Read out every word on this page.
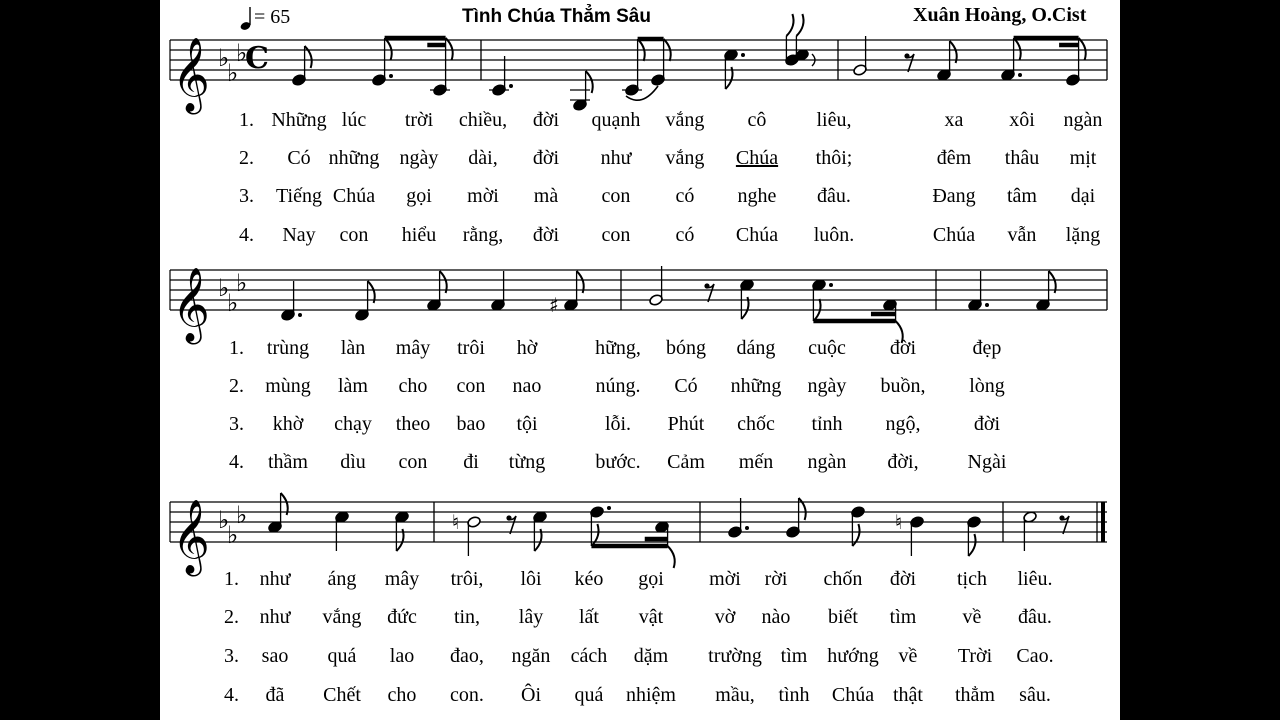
= 65	Tình Chúa Thẳm Sâu	Xuân Hoàng, O.Cist
𝄞 ♭
♭
♭
C
𝄞 ♭
♭
♭
♯
𝄞 ♭
♭
♭	♮	♮
1. Những lúc trời chiều, đời quạnh vắng cô	liêu,	xa xôi ngàn
2. Có những ngày dài, đời như vắng Chúa thôi;	đêm thâu mịt
3. Tiếng Chúa gọi mời mà con có nghe đâu.	Đang tâm dại
4. Nay con hiểu rằng, đời con có Chúa luôn.	Chúa vẫn lặng
1. trùng làn mây trôi hờ	hững, bóng dáng cuộc đời	đẹp
2. mùng làm cho con nao	núng. Có những ngày buồn, lòng
3. khờ chạy theo bao tội	lỗi. Phút chốc tỉnh ngộ,	đời
4. thầm dìu con đi từng	bước. Cảm mến ngàn đời, Ngài
1. như áng mây trôi, lôi kéo gọi mời rời chốn đời tịch liêu.
2. như vắng đức tin, lây lất vật	vờ nào biết tìm về đâu.
3. sao quá lao đao, ngăn cách dặm trường tìm hướng về Trời Cao.
4. đã Chết cho con. Ôi quá nhiệm mầu, tình Chúa thật thẳm sâu.
